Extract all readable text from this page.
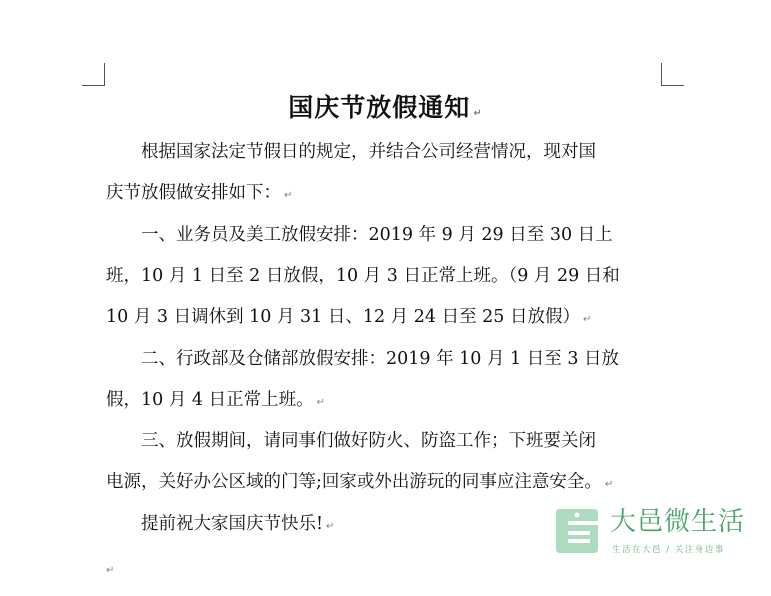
国庆节放假通知 ↵
　　根据国家法定节假日的规定，并结合公司经营情况，现对国
庆节放假做安排如下： ↵
　　一、业务员及美工放假安排：2019 年 9 月 29 日至 30 日上
班，10 月 1 日至 2 日放假，10 月 3 日正常上班。（9 月 29 日和
10 月 3 日调休到 10 月 31 日、12 月 24 日至 25 日放假） ↵
　　二、行政部及仓储部放假安排：2019 年 10 月 1 日至 3 日放
假，10 月 4 日正常上班。 ↵
　　三、放假期间，请同事们做好防火、防盗工作；下班要关闭
电源，关好办公区域的门等;回家或外出游玩的同事应注意安全。 ↵
　　提前祝大家国庆节快乐! ↵
↵
大邑微生活
生活在大邑 / 关注身边事
